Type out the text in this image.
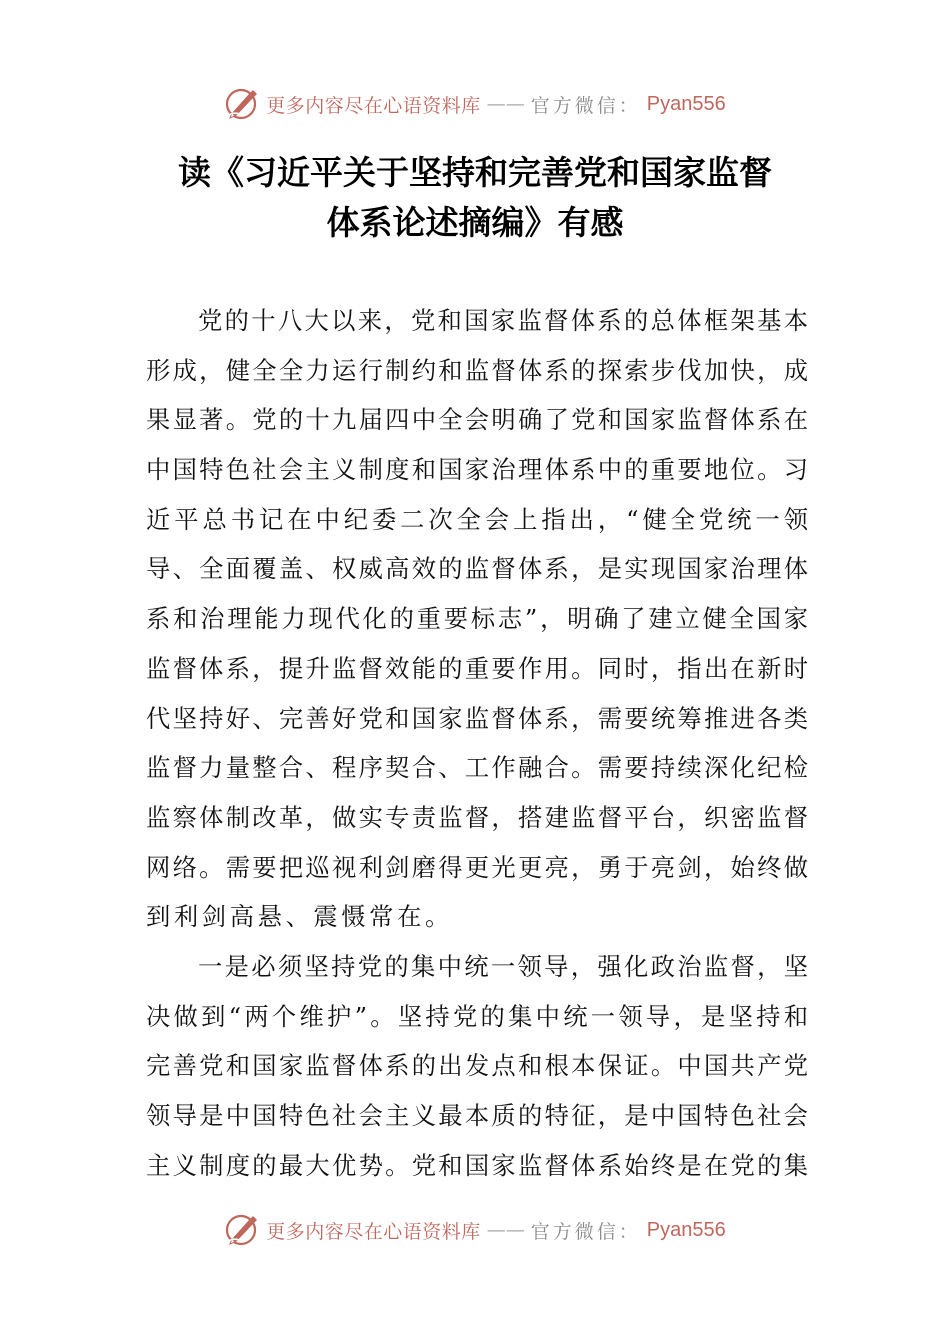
更多内容尽在心语资料库 —— 官方微信： Pyan556
读《习近平关于坚持和完善党和国家监督
体系论述摘编》有感
党的十八大以来，党和国家监督体系的总体框架基本
形成，健全全力运行制约和监督体系的探索步伐加快，成
果显著。党的十九届四中全会明确了党和国家监督体系在
中国特色社会主义制度和国家治理体系中的重要地位。习
近平总书记在中纪委二次全会上指出，“健全党统一领
导、全面覆盖、权威高效的监督体系，是实现国家治理体
系和治理能力现代化的重要标志”，明确了建立健全国家
监督体系，提升监督效能的重要作用。同时，指出在新时
代坚持好、完善好党和国家监督体系，需要统筹推进各类
监督力量整合、程序契合、工作融合。需要持续深化纪检
监察体制改革，做实专责监督，搭建监督平台，织密监督
网络。需要把巡视利剑磨得更光更亮，勇于亮剑，始终做
到利剑高悬、震慑常在。
一是必须坚持党的集中统一领导，强化政治监督，坚
决做到“两个维护”。坚持党的集中统一领导，是坚持和
完善党和国家监督体系的出发点和根本保证。中国共产党
领导是中国特色社会主义最本质的特征，是中国特色社会
主义制度的最大优势。党和国家监督体系始终是在党的集
更多内容尽在心语资料库 —— 官方微信： Pyan556
